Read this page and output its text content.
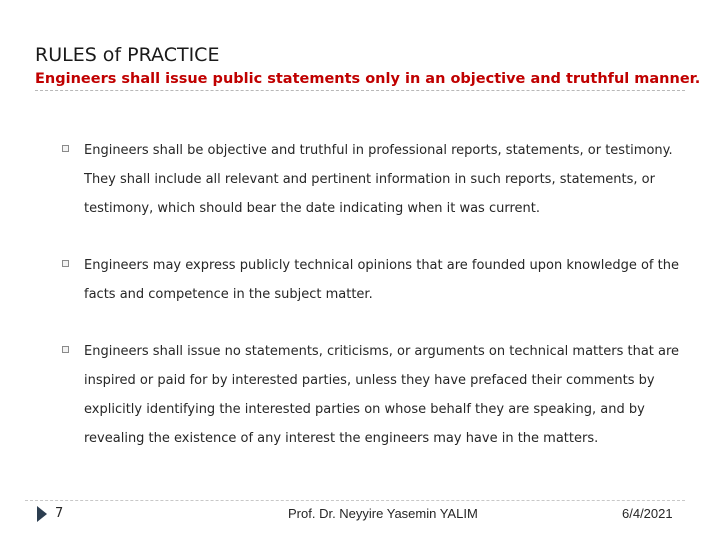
RULES of PRACTICE
Engineers shall issue public statements only in an objective and truthful manner.
Engineers shall be objective and truthful in professional reports, statements, or testimony. They shall include all relevant and pertinent information in such reports, statements, or testimony, which should bear the date indicating when it was current.
Engineers may express publicly technical opinions that are founded upon knowledge of the facts and competence in the subject matter.
Engineers shall issue no statements, criticisms, or arguments on technical matters that are inspired or paid for by interested parties, unless they have prefaced their comments by explicitly identifying the interested parties on whose behalf they are speaking, and by revealing the existence of any interest the engineers may have in the matters.
7	Prof. Dr. Neyyire Yasemin YALIM	6/4/2021
